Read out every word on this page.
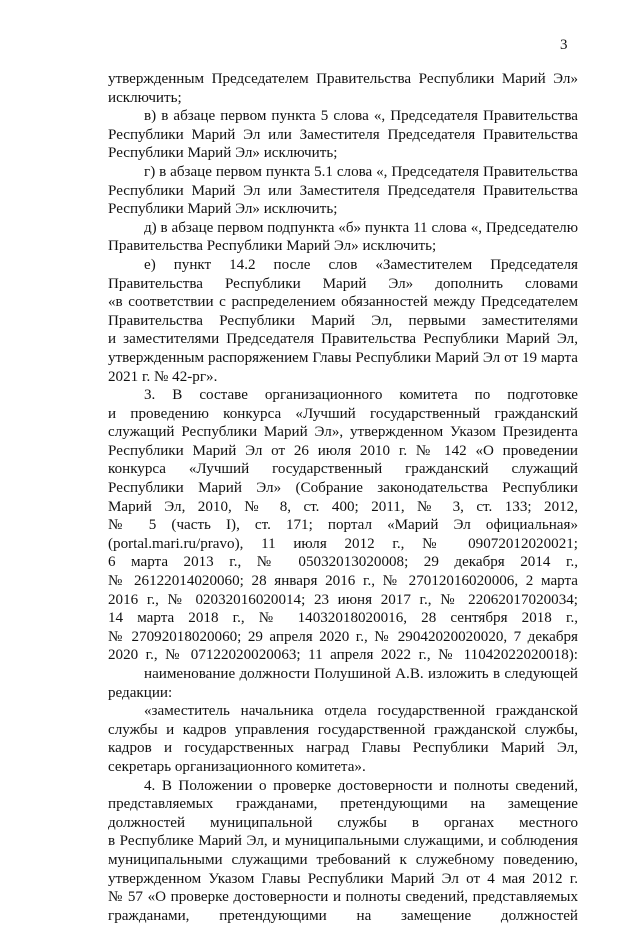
3
утвержденным Председателем Правительства Республики Марий Эл»
исключить;
в) в абзаце первом пункта 5 слова «, Председателя Правительства
Республики Марий Эл или Заместителя Председателя Правительства
Республики Марий Эл» исключить;
г) в абзаце первом пункта 5.1 слова «, Председателя Правительства
Республики Марий Эл или Заместителя Председателя Правительства
Республики Марий Эл» исключить;
д) в абзаце первом подпункта «б» пункта 11 слова «, Председателю
Правительства Республики Марий Эл» исключить;
е) пункт 14.2 после слов «Заместителем Председателя
Правительства Республики Марий Эл» дополнить словами
«в соответствии с распределением обязанностей между Председателем
Правительства Республики Марий Эл, первыми заместителями
и заместителями Председателя Правительства Республики Марий Эл,
утвержденным распоряжением Главы Республики Марий Эл от 19 марта
2021 г. № 42-рг».
3. В составе организационного комитета по подготовке
и проведению конкурса «Лучший государственный гражданский
служащий Республики Марий Эл», утвержденном Указом Президента
Республики Марий Эл от 26 июля 2010 г. № 142 «О проведении
конкурса «Лучший государственный гражданский служащий
Республики Марий Эл» (Собрание законодательства Республики
Марий Эл, 2010, № 8, ст. 400; 2011, № 3, ст. 133; 2012,
№ 5 (часть I), ст. 171; портал «Марий Эл официальная»
(portal.mari.ru/pravo), 11 июля 2012 г., № 09072012020021;
6 марта 2013 г., № 05032013020008; 29 декабря 2014 г.,
№ 26122014020060; 28 января 2016 г., № 27012016020006, 2 марта
2016 г., № 02032016020014; 23 июня 2017 г., № 22062017020034;
14 марта 2018 г., № 14032018020016, 28 сентября 2018 г.,
№ 27092018020060; 29 апреля 2020 г., № 29042020020020, 7 декабря
2020 г., № 07122020020063; 11 апреля 2022 г., № 11042022020018):
наименование должности Полушиной А.В. изложить в следующей
редакции:
«заместитель начальника отдела государственной гражданской
службы и кадров управления государственной гражданской службы,
кадров и государственных наград Главы Республики Марий Эл,
секретарь организационного комитета».
4. В Положении о проверке достоверности и полноты сведений,
представляемых гражданами, претендующими на замещение
должностей муниципальной службы в органах местного
в Республике Марий Эл, и муниципальными служащими, и соблюдения
муниципальными служащими требований к служебному поведению,
утвержденном Указом Главы Республики Марий Эл от 4 мая 2012 г.
№ 57 «О проверке достоверности и полноты сведений, представляемых
гражданами, претендующими на замещение должностей
